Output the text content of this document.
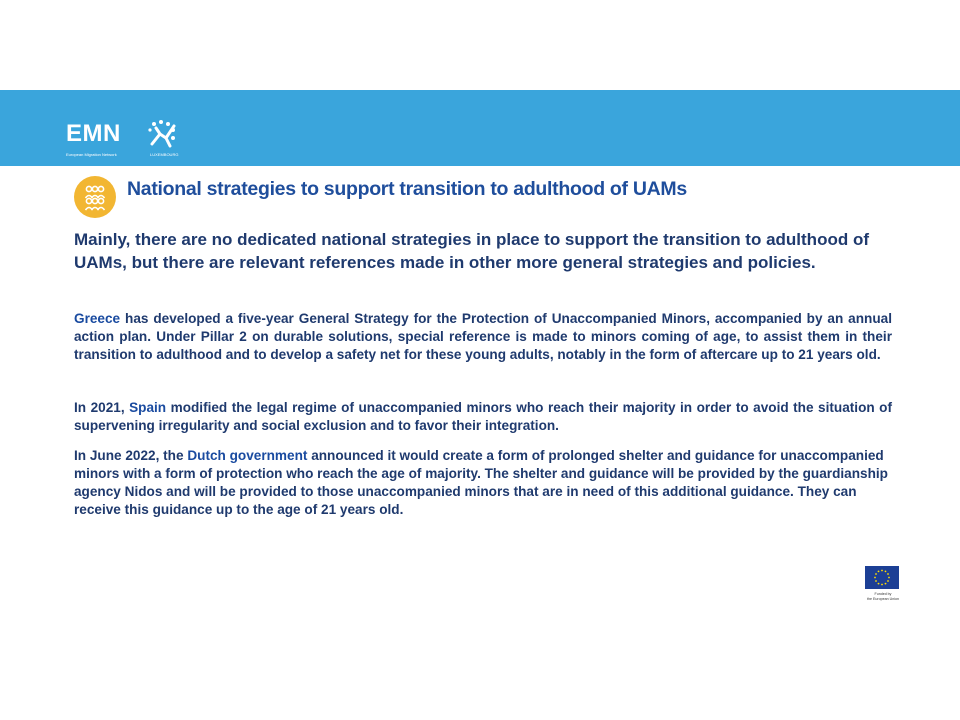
EMN
European Migration Network	LUXEMBOURG
National strategies to support transition to adulthood of UAMs

Mainly, there are no dedicated national strategies in place to support the transition to adulthood of UAMs, but there are relevant references made in other more general strategies and policies.

Greece has developed a five-year General Strategy for the Protection of Unaccompanied Minors, accompanied by an annual action plan. Under Pillar 2 on durable solutions, special reference is made to minors coming of age, to assist them in their transition to adulthood and to develop a safety net for these young adults, notably in the form of aftercare up to 21 years old.

In 2021, Spain modified the legal regime of unaccompanied minors who reach their majority in order to avoid the situation of supervening irregularity and social exclusion and to favor their integration.

In June 2022, the Dutch government announced it would create a form of prolonged shelter and guidance for unaccompanied minors with a form of protection who reach the age of majority. The shelter and guidance will be provided by the guardianship agency Nidos and will be provided to those unaccompanied minors that are in need of this additional guidance. They can receive this guidance up to the age of 21 years old.

Funded by
the European Union
